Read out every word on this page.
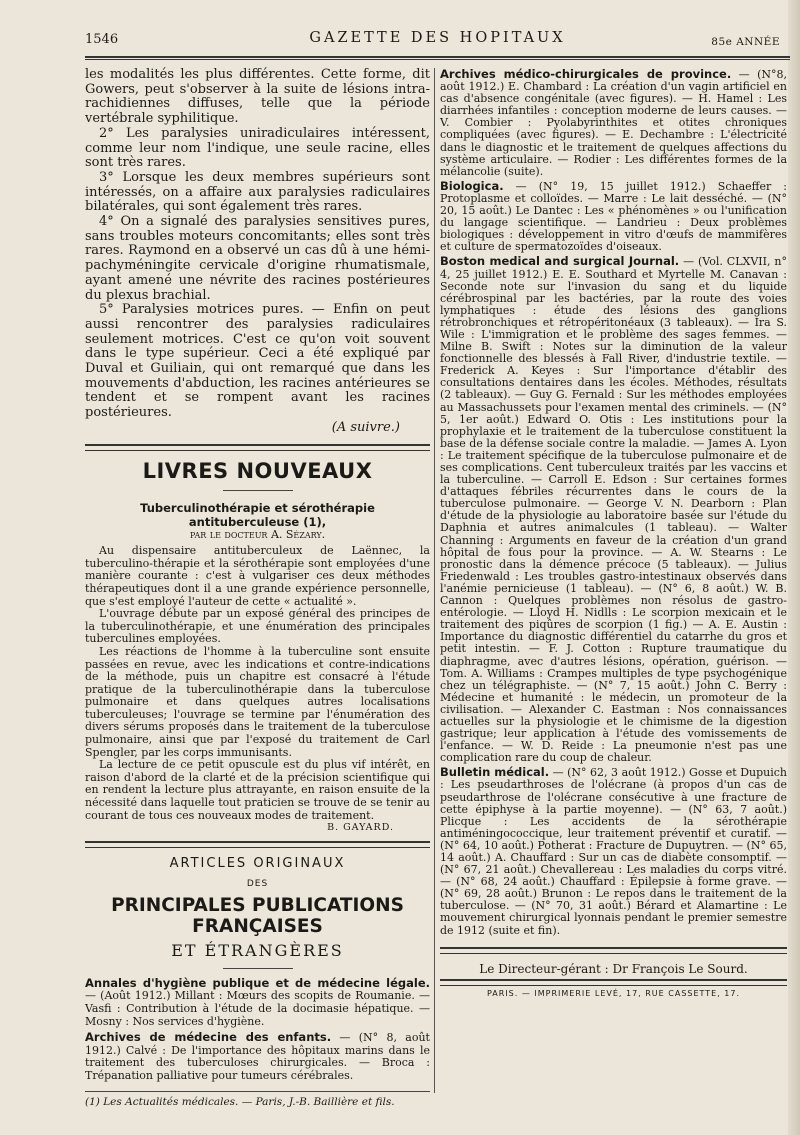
1546	GAZETTE DES HOPITAUX	85e ANNÉE

les modalités les plus différentes. Cette forme, dit Gowers, peut s'observer à la suite de lésions intra-rachidiennes diffuses, telle que la période vertébrale syphilitique.

2° Les paralysies uniradiculaires intéressent, comme leur nom l'indique, une seule racine, elles sont très rares.

3° Lorsque les deux membres supérieurs sont intéressés, on a affaire aux paralysies radiculaires bilatérales, qui sont également très rares.

4° On a signalé des paralysies sensitives pures, sans troubles moteurs concomitants; elles sont très rares. Raymond en a observé un cas dû à une hémi-pachyméningite cervicale d'origine rhumatismale, ayant amené une névrite des racines postérieures du plexus brachial.

5° Paralysies motrices pures. — Enfin on peut aussi rencontrer des paralysies radiculaires seulement motrices. C'est ce qu'on voit souvent dans le type supérieur. Ceci a été expliqué par Duval et Guiliain, qui ont remarqué que dans les mouvements d'abduction, les racines antérieures se tendent et se rompent avant les racines postérieures.

(A suivre.)

LIVRES NOUVEAUX
Tuberculinothérapie et sérothérapie antituberculeuse (1),
par le docteur A. Sézary.

Au dispensaire antituberculeux de Laënnec, la tuberculino-thérapie et la sérothérapie sont employées d'une manière courante : c'est à vulgariser ces deux méthodes thérapeutiques dont il a une grande expérience personnelle, que s'est employé l'auteur de cette « actualité ».

L'ouvrage débute par un exposé général des principes de la tuberculinothérapie, et une énumération des principales tuberculines employées.

Les réactions de l'homme à la tuberculine sont ensuite passées en revue, avec les indications et contre-indications de la méthode, puis un chapitre est consacré à l'étude pratique de la tuberculinothérapie dans la tuberculose pulmonaire et dans quelques autres localisations tuberculeuses; l'ouvrage se termine par l'énumération des divers sérums proposés dans le traitement de la tuberculose pulmonaire, ainsi que par l'exposé du traitement de Carl Spengler, par les corps immunisants.

La lecture de ce petit opuscule est du plus vif intérêt, en raison d'abord de la clarté et de la précision scientifique qui en rendent la lecture plus attrayante, en raison ensuite de la nécessité dans laquelle tout praticien se trouve de se tenir au courant de tous ces nouveaux modes de traitement.

B. GAYARD.

ARTICLES ORIGINAUX
DES
PRINCIPALES PUBLICATIONS FRANÇAISES
ET ÉTRANGÈRES

Annales d'hygiène publique et de médecine légale. — (Août 1912.) Millant : Mœurs des scopits de Roumanie. — Vasfi : Contribution à l'étude de la docimasie hépatique. — Mosny : Nos services d'hygiène.

Archives de médecine des enfants. — (N° 8, août 1912.) Calvé : De l'importance des hôpitaux marins dans le traitement des tuberculoses chirurgicales. — Broca : Trépanation palliative pour tumeurs cérébrales.

(1) Les Actualités médicales. — Paris, J.-B. Baillière et fils.

Archives médico-chirurgicales de province. — (N°8, août 1912.) E. Chambard : La création d'un vagin artificiel en cas d'absence congénitale (avec figures). — H. Hamel : Les diarrhées infantiles : conception moderne de leurs causes. — V. Combier : Pyolabyrinthites et otites chroniques compliquées (avec figures). — E. Dechambre : L'électricité dans le diagnostic et le traitement de quelques affections du système articulaire. — Rodier : Les différentes formes de la mélancolie (suite).

Biologica. — (N° 19, 15 juillet 1912.) Schaeffer : Protoplasme et colloïdes. — Marre : Le lait desséché. — (N° 20, 15 août.) Le Dantec : Les « phénomènes » ou l'unification du langage scientifique. — Landrieu : Deux problèmes biologiques : développement in vitro d'œufs de mammifères et culture de spermatozoïdes d'oiseaux.

Boston medical and surgical Journal. — (Vol. CLXVII, n° 4, 25 juillet 1912.) E. E. Southard et Myrtelle M. Canavan : Seconde note sur l'invasion du sang et du liquide cérébrospinal par les bactéries, par la route des voies lymphatiques : étude des lésions des ganglions rétrobronchiques et rétropéritonéaux (3 tableaux). — Ira S. Wile : L'immigration et le problème des sages femmes. — Milne B. Swift : Notes sur la diminution de la valeur fonctionnelle des blessés à Fall River, d'industrie textile. — Frederick A. Keyes : Sur l'importance d'établir des consultations dentaires dans les écoles. Méthodes, résultats (2 tableaux). — Guy G. Fernald : Sur les méthodes employées au Massachussets pour l'examen mental des criminels. — (N° 5, 1er août.) Edward O. Otis : Les institutions pour la prophylaxie et le traitement de la tuberculose constituent la base de la défense sociale contre la maladie. — James A. Lyon : Le traitement spécifique de la tuberculose pulmonaire et de ses complications. Cent tuberculeux traités par les vaccins et la tuberculine. — Carroll E. Edson : Sur certaines formes d'attaques fébriles récurrentes dans le cours de la tuberculose pulmonaire. — George V. N. Dearborn : Plan d'étude de la physiologie au laboratoire basée sur l'étude du Daphnia et autres animalcules (1 tableau). — Walter Channing : Arguments en faveur de la création d'un grand hôpital de fous pour la province. — A. W. Stearns : Le pronostic dans la démence précoce (5 tableaux). — Julius Friedenwald : Les troubles gastro-intestinaux observés dans l'anémie pernicieuse (1 tableau). — (N° 6, 8 août.) W. B. Cannon : Quelques problèmes non résolus de gastro-entérologie. — Lloyd H. Nidlls : Le scorpion mexicain et le traitement des piqûres de scorpion (1 fig.) — A. E. Austin : Importance du diagnostic différentiel du catarrhe du gros et petit intestin. — F. J. Cotton : Rupture traumatique du diaphragme, avec d'autres lésions, opération, guérison. — Tom. A. Williams : Crampes multiples de type psychogénique chez un télégraphiste. — (N° 7, 15 août.) John C. Berry : Médecine et humanité : le médecin, un promoteur de la civilisation. — Alexander C. Eastman : Nos connaissances actuelles sur la physiologie et le chimisme de la digestion gastrique; leur application à l'étude des vomissements de l'enfance. — W. D. Reide : La pneumonie n'est pas une complication rare du coup de chaleur.

Bulletin médical. — (N° 62, 3 août 1912.) Gosse et Dupuich : Les pseudarthroses de l'olécrane (à propos d'un cas de pseudarthrose de l'olécrane consécutive à une fracture de cette épiphyse à la partie moyenne). — (N° 63, 7 août.) Plicque : Les accidents de la sérothérapie antiméningococcique, leur traitement préventif et curatif. — (N° 64, 10 août.) Potherat : Fracture de Dupuytren. — (N° 65, 14 août.) A. Chauffard : Sur un cas de diabète consomptif. — (N° 67, 21 août.) Chevallereau : Les maladies du corps vitré. — (N° 68, 24 août.) Chauffard : Épilepsie à forme grave. — (N° 69, 28 août.) Brunon : Le repos dans le traitement de la tuberculose. — (N° 70, 31 août.) Bérard et Alamartine : Le mouvement chirurgical lyonnais pendant le premier semestre de 1912 (suite et fin).

Le Directeur-gérant : Dr François Le Sourd.
PARIS. — IMPRIMERIE LEVÉ, 17, RUE CASSETTE, 17.
